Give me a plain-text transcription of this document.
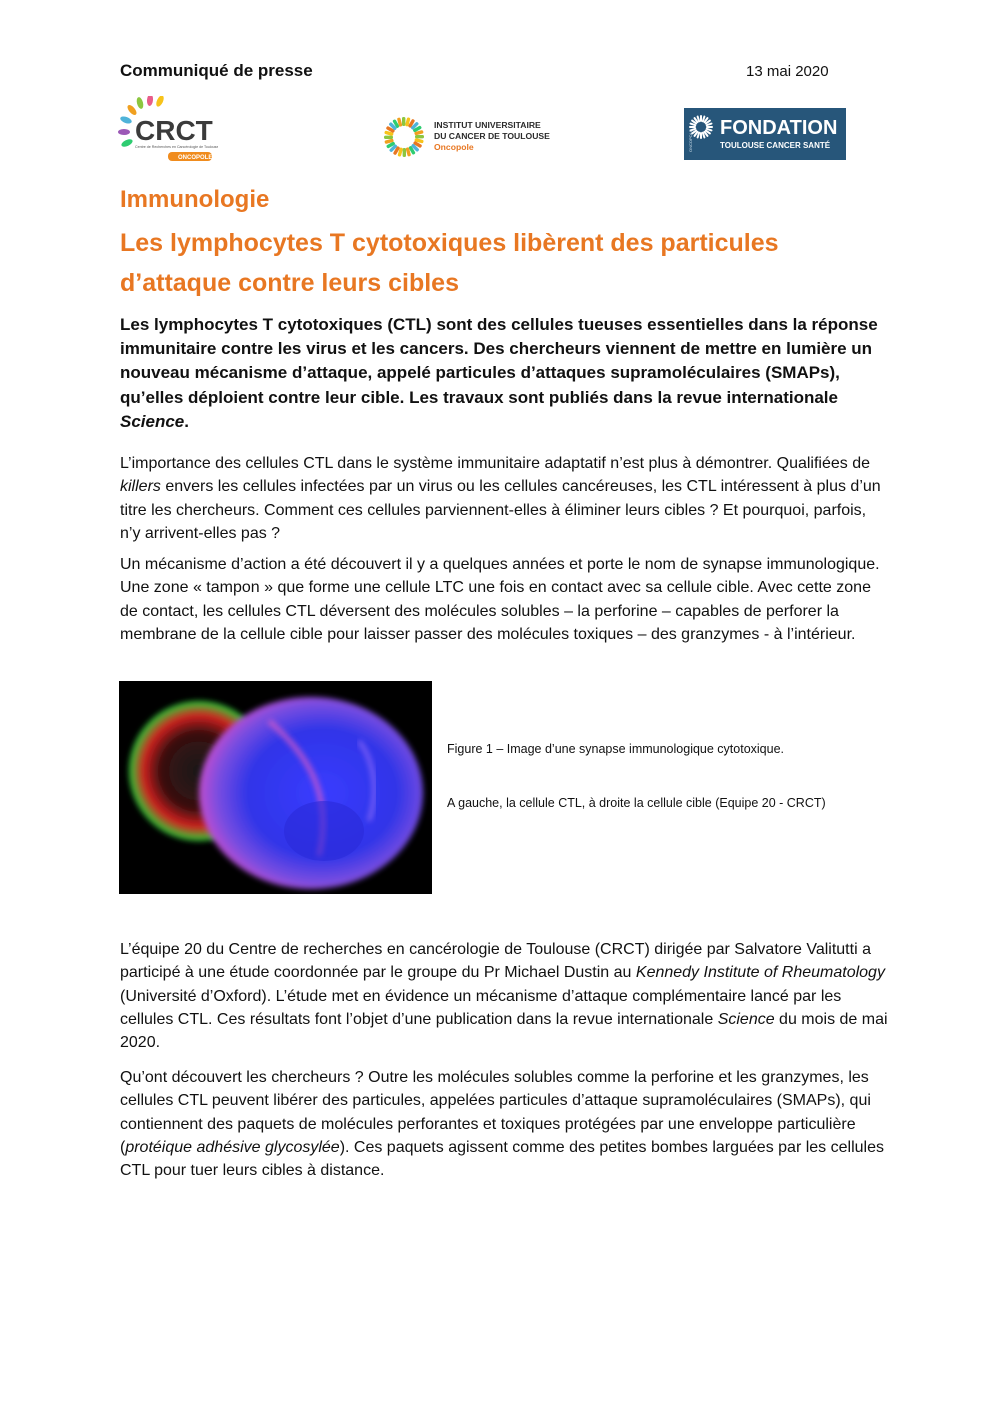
Communiqué de presse	13 mai 2020
CRCT
Centre de Recherches en Cancérologie de Toulouse
ONCOPOLE
INSTITUT UNIVERSITAIRE
DU CANCER DE TOULOUSE
Oncopole	ONCOPOLE
FONDATION
TOULOUSE CANCER SANTÉ
Immunologie
Les lymphocytes T cytotoxiques libèrent des particules d’attaque contre leurs cibles

Les lymphocytes T cytotoxiques (CTL) sont des cellules tueuses essentielles dans la réponse immunitaire contre les virus et les cancers. Des chercheurs viennent de mettre en lumière un nouveau mécanisme d’attaque, appelé particules d’attaques supramoléculaires (SMAPs), qu’elles déploient contre leur cible. Les travaux sont publiés dans la revue internationale Science.

L’importance des cellules CTL dans le système immunitaire adaptatif n’est plus à démontrer. Qualifiées de killers envers les cellules infectées par un virus ou les cellules cancéreuses, les CTL intéressent à plus d’un titre les chercheurs. Comment ces cellules parviennent-elles à éliminer leurs cibles ? Et pourquoi, parfois, n’y arrivent-elles pas ?

Un mécanisme d’action a été découvert il y a quelques années et porte le nom de synapse immunologique. Une zone « tampon » que forme une cellule LTC une fois en contact avec sa cellule cible. Avec cette zone de contact, les cellules CTL déversent des molécules solubles – la perforine – capables de perforer la membrane de la cellule cible pour laisser passer des molécules toxiques – des granzymes - à l’intérieur.

Figure 1 – Image d’une synapse immunologique cytotoxique.
A gauche, la cellule CTL, à droite la cellule cible (Equipe 20 - CRCT)

L’équipe 20 du Centre de recherches en cancérologie de Toulouse (CRCT) dirigée par Salvatore Valitutti a participé à une étude coordonnée par le groupe du Pr Michael Dustin au Kennedy Institute of Rheumatology (Université d’Oxford). L’étude met en évidence un mécanisme d’attaque complémentaire lancé par les cellules CTL. Ces résultats font l’objet d’une publication dans la revue internationale Science du mois de mai 2020.

Qu’ont découvert les chercheurs ? Outre les molécules solubles comme la perforine et les granzymes, les cellules CTL peuvent libérer des particules, appelées particules d’attaque supramoléculaires (SMAPs), qui contiennent des paquets de molécules perforantes et toxiques protégées par une enveloppe particulière (protéique adhésive glycosylée). Ces paquets agissent comme des petites bombes larguées par les cellules CTL pour tuer leurs cibles à distance.
